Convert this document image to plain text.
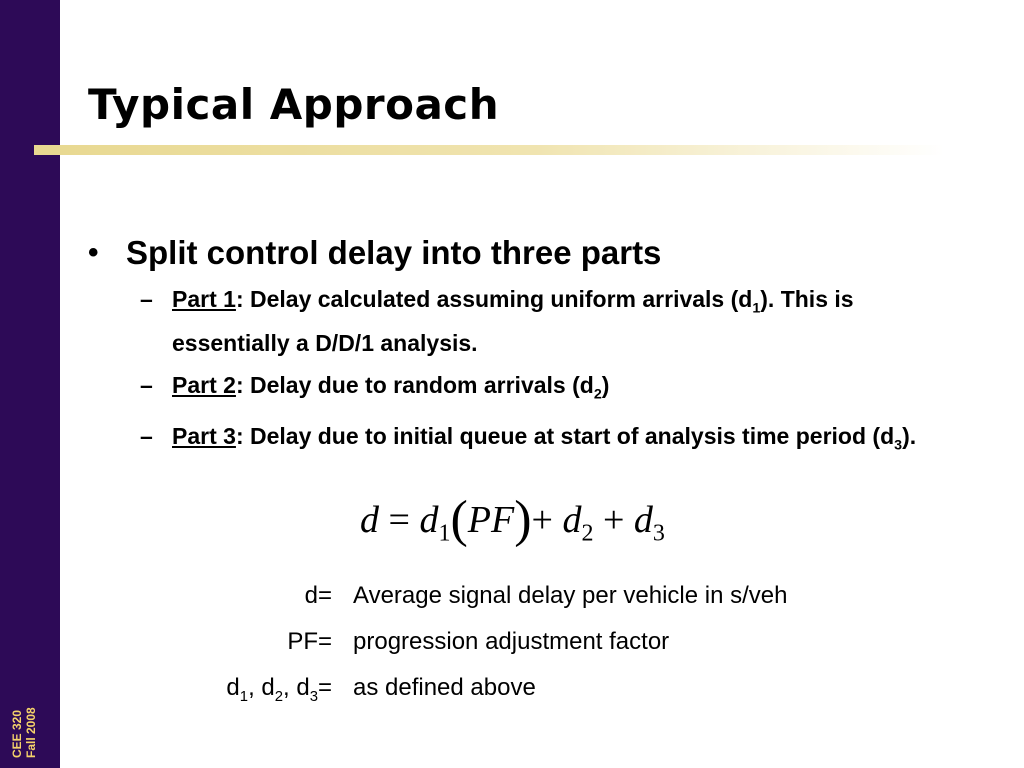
CEE 320 Fall 2008
Typical Approach
• Split control delay into three parts
– Part 1: Delay calculated assuming uniform arrivals $(d_1)$. This is essentially a D/D/1 analysis.
– Part 2: Delay due to random arrivals $(d_2)$
– Part 3: Delay due to initial queue at start of analysis time period $(d_3)$.
$d = d_1(PF)+ d_2 + d_3$
d = Average signal delay per vehicle in s/veh
PF = progression adjustment factor
$d_1$, $d_2$, $d_3$ = as defined above
